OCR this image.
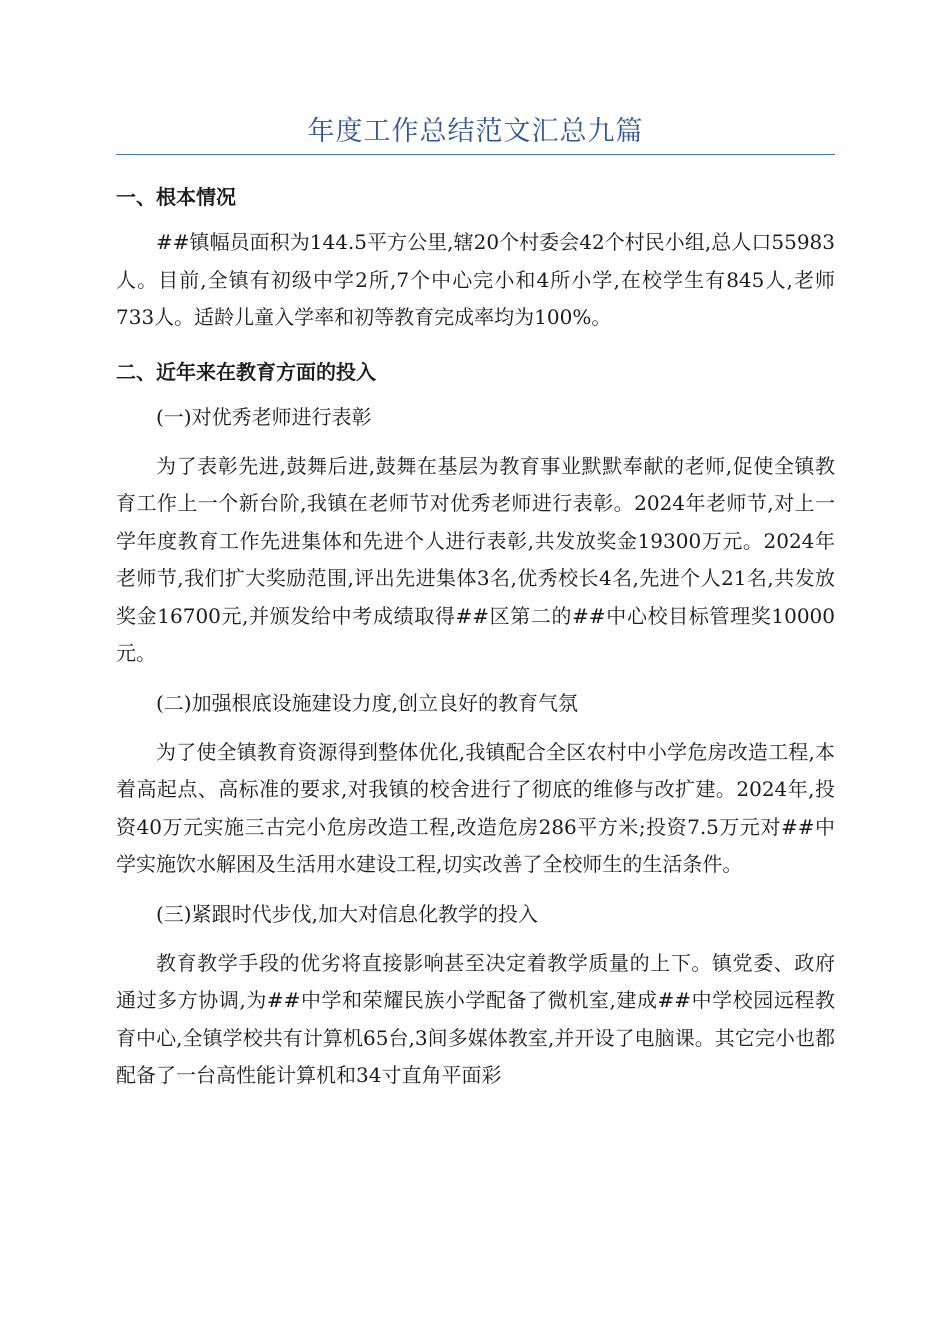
年度工作总结范文汇总九篇

一、根本情况

##镇幅员面积为144.5平方公里,辖20个村委会42个村民小组,总人口55983人。目前,全镇有初级中学2所,7个中心完小和4所小学,在校学生有845人,老师733人。适龄儿童入学率和初等教育完成率均为100%。

二、近年来在教育方面的投入

(一)对优秀老师进行表彰

为了表彰先进,鼓舞后进,鼓舞在基层为教育事业默默奉献的老师,促使全镇教育工作上一个新台阶,我镇在老师节对优秀老师进行表彰。2024年老师节,对上一学年度教育工作先进集体和先进个人进行表彰,共发放奖金19300万元。2024年老师节,我们扩大奖励范围,评出先进集体3名,优秀校长4名,先进个人21名,共发放奖金16700元,并颁发给中考成绩取得##区第二的##中心校目标管理奖10000元。

(二)加强根底设施建设力度,创立良好的教育气氛

为了使全镇教育资源得到整体优化,我镇配合全区农村中小学危房改造工程,本着高起点、高标准的要求,对我镇的校舍进行了彻底的维修与改扩建。2024年,投资40万元实施三古完小危房改造工程,改造危房286平方米;投资7.5万元对##中学实施饮水解困及生活用水建设工程,切实改善了全校师生的生活条件。

(三)紧跟时代步伐,加大对信息化教学的投入

教育教学手段的优劣将直接影响甚至决定着教学质量的上下。镇党委、政府通过多方协调,为##中学和荣耀民族小学配备了微机室,建成##中学校园远程教育中心,全镇学校共有计算机65台,3间多媒体教室,并开设了电脑课。其它完小也都配备了一台高性能计算机和34寸直角平面彩
